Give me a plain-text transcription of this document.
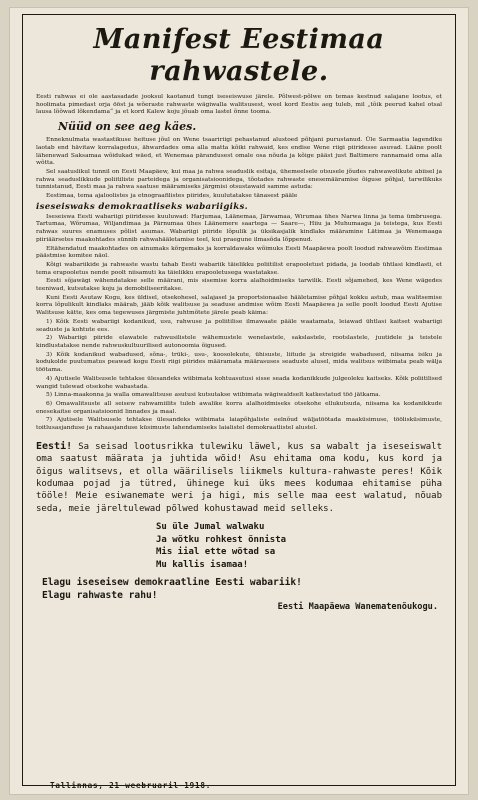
Manifest Eestimaa rahwastele.
Eesti rahwas ei ole aastasadade jooksul kaotanud tungi iseseiswuse järele. Põlwest-põlwe on temas kestnud salajane lootus, et hoolimata pimedast orja ööst ja wõeraste rahwaste wägiwalla walitsusest, weel kord Eestis aeg tuleb, mil „tõik peerud kahel otsal lausa lõõwad lõkendama“ ja et kord Kalew koju jõuab oma lastel õnne tooma.
Nüüd on see aeg käes.
Enneknulmata wastastikuse heituse jõul on Wene tsaaririigi pehastanud alustoed põhjani purustanud. Üle Sarmaatia lagendiku laotab end hävitaw korralagedus, ähwardades oma alla matta kõiki rahwaid, kes endise Wene riigi piiridesse asuvad. Lääne poolt lähenewad Saksamaa wõidukad wäed, et Wenemaa pärandusest omale osa nõuda ja kõige pääst just Baltimere rannamaid oma alla wõtta.
Sel saatuslikul tunnil on Eesti Maapäew, kui maa ja rahwa seaduslik esitaja, ühemeelsele otsusele jõudes rahwawolikute abiisel ja rahwa seaduslikkude poliitiliste parteidega ja organisatsioonidega, tõotades rahwaste enesemääramise õiguse põhjal, tarwilikuks tunnistanud, Eesti maa ja rahwa saatuse määramiseks järgmisi otsustawaid samme astuda:
Eestimaa, tema ajaloolistes ja etnograafilistes piirides, kuulutatakse tänasest pääle
iseseiswaks demokraatliseks wabariigiks.
Iseseiswa Eesti wabariigi piiridesse kuuluwad: Harjumaa, Läänemaa, Järwamaa, Wirumaa ühes Narwa linna ja tema ümbrusega. Tartumaa, Wõrumaa, Wiljandimaa ja Pärnumaa ühes Läänemere saartega — Saare—, Hiiu ja Muhumaaga ja teistega, kus Eesti rahwas suures enamuses põlist asumas. Wabariigi piiride lõpulik ja üksikasjalik kindlaks määramine Lätimaa ja Wenemaaga piiriäärsetes maakohtades sünnib rahwahääletamise teel, kui praegune ilmasõda lõppenud.
Eltähendatud maakohtades on ainumaks kõrgemaks ja korraldawaks wõimuks Eesti Maapäewa poolt loodud rahwawõim Eestimaa päästmise komitee näol.
Kõigi wabariikide ja rahwaste wastu tahab Eesti wabariik täielikku poliitilist erapooletust pidada, ja loodab ühtlasi kindlasti, et tema erapooletus nende poolt niisamuti ka täielikku erapooletusega wastatakse.
Eesti sõjawägi wähendatakse selle määrani, mis sisemise korra alalhoidmiseks tarwilik. Eesti sõjamehed, kes Wene wägedes teeniwad, kutsutakse koju ja demobiliseeritakse.
Kuni Eesti Asutaw Kogu, kes üldisel, otsekohesel, salajasel ja proportsionaalse hääletamise põhjal kokku astub, maa walitsemise korra lõpulikult kindlaks määrab, jääb kõik walitsuse ja seaduse andmise wõim Eesti Maapäewa ja selle poolt loodud Eesti Ajutise Walitsuse kätte, kes oma tegewuses järgmiste juhtmõtete järele peab käima:
1) Kõik Eesti wabariigi kodanikud, usu, rahwuse ja poliitilise ilmawaate pääle waatamata, leiawad ühtlasi kaitset wabariigi seaduste ja kohtute ees.
2) Wabariigi piiride elawatele rahwusilistele wähemustele wenelastele, sakslastele, rootslastele, juutidele ja teistele kindlustatakse nende rahwuskultuurilised autonoomia õigused.
3) Kõik kodanikud wabadused, sõna-, trüki-, usu-, koosolekute, ühisuste, liitude ja streigide wabadused, niisama isiku ja kodukolde puutumatus peawad kogu Eesti riigi piirides määramata määrasuses seaduste alusel, mida walitsus wiibimata peab wälja töötama.
4) Ajutisele Walitsusele tehtakse ülesandeks wiibimata kohtuasutusi sisse seada kodanikkude julgeoleku kaitseks. Kõik poliitilised wangid tulewad otsekohe wabastada.
5) Linna-maakonna ja walla omawalitsuse asutusi kutsutakse wiibimata wägiwaldselt katkestatud töö jätkama.
6) Omawalitsuste all seisew rahwamiilits tuleb awalike korra alalhoidmiseks otsekohe ellukutsuda, niisama ka kodanikkude enesekaitse organisatsioonid linnades ja maal.
7) Ajutisele Walitsusele tehtakse ülesandeks wiibimata laiapõhjaliste eelnõud wäljatöötada maaküsimuse, töölisküsimuste, toitlusasjanduse ja rahaasjanduse küsimuste lahendamiseks laialistel demokraatlistel alustel.
Eesti! Sa seisad lootusrikka tulewiku läwel, kus sa wabalt ja iseseiswalt oma saatust määrata ja juhtida wõid! Asu ehitama oma kodu, kus kord ja õigus walitsevs, et olla wäärilisels liikmels kultura-rahwaste peres! Kõik kodumaa pojad ja tütred, ühinege kui üks mees kodumaa ehitamise püha tööle! Meie esiwanemate weri ja higi, mis selle maa eest walatud, nõuab seda, meie järeltulewad põlwed kohustawad meid selleks.
Su üle Jumal walwaku
Ja wõtku rohkest õnnista
Mis iial ette wõtad sa
Mu kallis isamaa!
Elagu iseseisew demokraatline Eesti wabariik!
Elagu rahwaste rahu!
Eesti Maapäewa Wanematenõukogu.
Tallinnas, 21 weebruaril 1918.
